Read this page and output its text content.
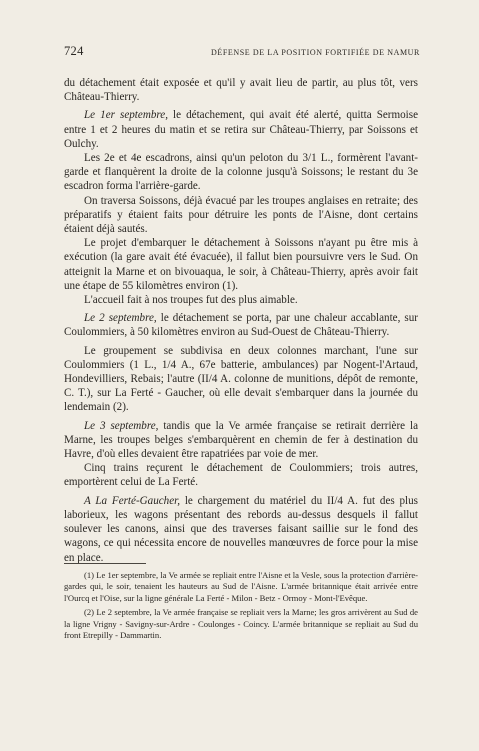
724	DÉFENSE DE LA POSITION FORTIFIÉE DE NAMUR

du détachement était exposée et qu'il y avait lieu de partir, au plus tôt, vers Château-Thierry.

Le 1er septembre, le détachement, qui avait été alerté, quitta Sermoise entre 1 et 2 heures du matin et se retira sur Château-Thierry, par Soissons et Oulchy.

Les 2e et 4e escadrons, ainsi qu'un peloton du 3/1 L., formèrent l'avant-garde et flanquèrent la droite de la colonne jusqu'à Soissons; le restant du 3e escadron forma l'arrière-garde.

On traversa Soissons, déjà évacué par les troupes anglaises en retraite; des préparatifs y étaient faits pour détruire les ponts de l'Aisne, dont certains étaient déjà sautés.

Le projet d'embarquer le détachement à Soissons n'ayant pu être mis à exécution (la gare avait été évacuée), il fallut bien poursuivre vers le Sud. On atteignit la Marne et on bivouaqua, le soir, à Château-Thierry, après avoir fait une étape de 55 kilomètres environ (1).

L'accueil fait à nos troupes fut des plus aimable.

Le 2 septembre, le détachement se porta, par une chaleur accablante, sur Coulommiers, à 50 kilomètres environ au Sud-Ouest de Château-Thierry.

Le groupement se subdivisa en deux colonnes marchant, l'une sur Coulommiers (1 L., 1/4 A., 67e batterie, ambulances) par Nogent-l'Artaud, Hondevilliers, Rebais; l'autre (II/4 A. colonne de munitions, dépôt de remonte, C. T.), sur La Ferté - Gaucher, où elle devait s'embarquer dans la journée du lendemain (2).

Le 3 septembre, tandis que la Ve armée française se retirait derrière la Marne, les troupes belges s'embarquèrent en chemin de fer à destination du Havre, d'où elles devaient être rapatriées par voie de mer.

Cinq trains reçurent le détachement de Coulommiers; trois autres, emportèrent celui de La Ferté.

A La Ferté-Gaucher, le chargement du matériel du II/4 A. fut des plus laborieux, les wagons présentant des rebords au-dessus desquels il fallut soulever les canons, ainsi que des traverses faisant saillie sur le fond des wagons, ce qui nécessita encore de nouvelles manœuvres de force pour la mise en place.

(1) Le 1er septembre, la Ve armée se repliait entre l'Aisne et la Vesle, sous la protection d'arrière-gardes qui, le soir, tenaient les hauteurs au Sud de l'Aisne. L'armée britannique était arrivée entre l'Ourcq et l'Oise, sur la ligne générale La Ferté - Milon - Betz - Ormoy - Mont-l'Evêque.

(2) Le 2 septembre, la Ve armée française se repliait vers la Marne; les gros arrivèrent au Sud de la ligne Vrigny - Savigny-sur-Ardre - Coulonges - Coincy. L'armée britannique se repliait au Sud du front Etrepilly - Dammartin.
